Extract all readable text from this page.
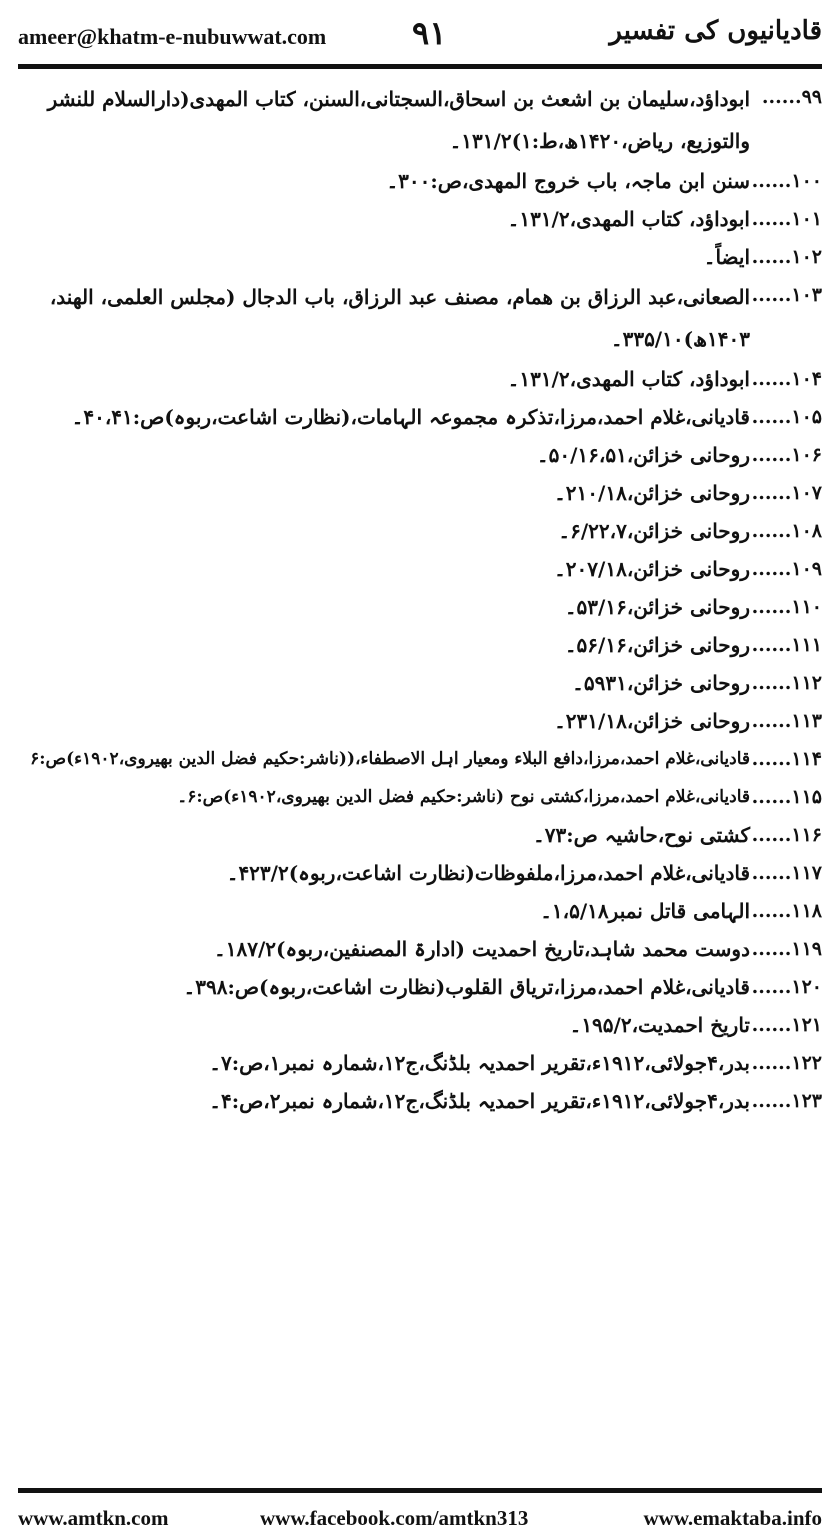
ameer@khatm-e-nubuwwat.com	۹۱	قادیانیوں کی تفسیر
۹۹......
ابوداؤد،سلیمان بن اشعث بن اسحاق،السجتانی،السنن، کتاب المھدی(دارالسلام للنشر والتوزیع، ریاض،۱۴۲۰ھ،ط:۱)۱۳۱/۲۔
۱۰۰......
سنن ابن ماجہ، باب خروج المھدی،ص:۳۰۰۔
۱۰۱......
ابوداؤد، کتاب المھدی،۱۳۱/۲۔
۱۰۲......
ایضاً۔
۱۰۳......
الصعانی،عبد الرزاق بن ھمام، مصنف عبد الرزاق، باب الدجال (مجلس العلمی، الھند، ۱۴۰۳ھ)۳۳۵/۱۰۔
۱۰۴......
ابوداؤد، کتاب المھدی،۱۳۱/۲۔
۱۰۵......
قادیانی،غلام احمد،مرزا،تذکرہ مجموعہ الہامات،(نظارت اشاعت،ربوہ)ص:۴۰،۴۱۔
۱۰۶......
روحانی خزائن،۵۰/۱۶،۵۱۔
۱۰۷......
روحانی خزائن،۲۱۰/۱۸۔
۱۰۸......
روحانی خزائن،۶/۲۲،۷۔
۱۰۹......
روحانی خزائن،۲۰۷/۱۸۔
۱۱۰......
روحانی خزائن،۵۳/۱۶۔
۱۱۱......
روحانی خزائن،۵۶/۱۶۔
۱۱۲......
روحانی خزائن،۵۹۳۱۔
۱۱۳......
روحانی خزائن،۲۳۱/۱۸۔
۱۱۴......
قادیانی،غلام احمد،مرزا،دافع البلاء ومعیار اہل الاصطفاء،((ناشر:حکیم فضل الدین بھیروی،۱۹۰۲ء)ص:۶
۱۱۵......
قادیانی،غلام احمد،مرزا،کشتی نوح (ناشر:حکیم فضل الدین بھیروی،۱۹۰۲ء)ص:۶۔
۱۱۶......
کشتی نوح،حاشیہ ص:۷۳۔
۱۱۷......
قادیانی،غلام احمد،مرزا،ملفوظات(نظارت اشاعت،ربوہ)۴۲۳/۲۔
۱۱۸......
الہامی قاتل نمبر۱،۵/۱۸۔
۱۱۹......
دوست محمد شاہد،تاریخ احمدیت (ادارۃ المصنفین،ربوہ)۱۸۷/۲۔
۱۲۰......
قادیانی،غلام احمد،مرزا،تریاق القلوب(نظارت اشاعت،ربوہ)ص:۳۹۸۔
۱۲۱......
تاریخ احمدیت،۱۹۵/۲۔
۱۲۲......
بدر،۴جولائی،۱۹۱۲ء،تقریر احمدیہ بلڈنگ،ج۱۲،شمارہ نمبر۱،ص:۷۔
۱۲۳......
بدر،۴جولائی،۱۹۱۲ء،تقریر احمدیہ بلڈنگ،ج۱۲،شمارہ نمبر۲،ص:۴۔
www.amtkn.com	www.facebook.com/amtkn313	www.emaktaba.info
